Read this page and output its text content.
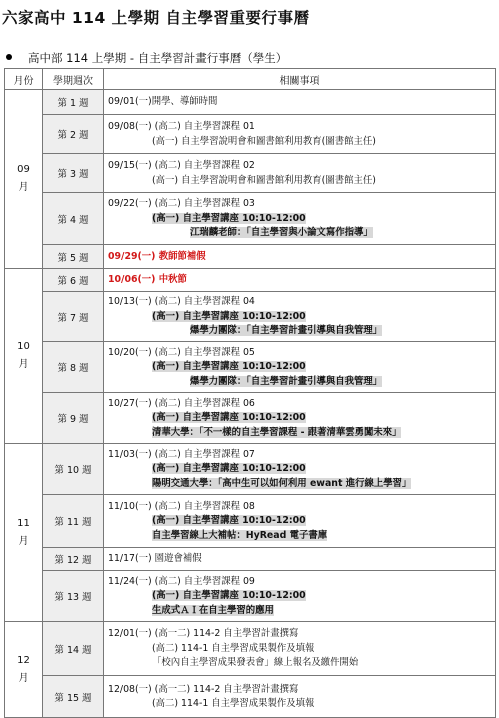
六家高中 114 上學期 自主學習重要行事曆
高中部 114 上學期 - 自主學習計畫行事曆（學生）
月份	學期週次	相關事項
09 月	第 1 週	09/01(一)開學、導師時間

	第 2 週	09/08(一) (高二) 自主學習課程 01
(高一) 自主學習說明會和圖書館利用教育(圖書館主任)

	第 3 週	09/15(一) (高二) 自主學習課程 02
(高一) 自主學習說明會和圖書館利用教育(圖書館主任)

	第 4 週	09/22(一) (高二) 自主學習課程 03
(高一) 自主學習講座 10:10-12:00
江瑞麟老師：「自主學習與小論文寫作指導」

	第 5 週	09/29(一) 教師節補假

10 月	第 6 週	10/06(一) 中秋節

	第 7 週	10/13(一) (高二) 自主學習課程 04
(高一) 自主學習講座 10:10-12:00
爆學力團隊：「自主學習計畫引導與自我管理」

	第 8 週	10/20(一) (高二) 自主學習課程 05
(高一) 自主學習講座 10:10-12:00
爆學力團隊：「自主學習計畫引導與自我管理」

	第 9 週	10/27(一) (高二) 自主學習課程 06
(高一) 自主學習講座 10:10-12:00
清華大學：「不一樣的自主學習課程 - 跟著清華雲勇闖未來」

11 月	第 10 週	11/03(一) (高二) 自主學習課程 07
(高一) 自主學習講座 10:10-12:00
陽明交通大學：「高中生可以如何利用 ewant 進行線上學習」

	第 11 週	11/10(一) (高二) 自主學習課程 08
(高一) 自主學習講座 10:10-12:00
自主學習線上大補帖：HyRead 電子書庫

	第 12 週	11/17(一) 園遊會補假

	第 13 週	11/24(一) (高二) 自主學習課程 09
(高一) 自主學習講座 10:10-12:00
生成式ＡＩ在自主學習的應用

12 月	第 14 週	12/01(一) (高一二) 114-2 自主學習計畫撰寫
(高二) 114-1 自主學習成果製作及填報
「校內自主學習成果發表會」線上報名及繳件開始

	第 15 週	12/08(一) (高一二) 114-2 自主學習計畫撰寫
(高二) 114-1 自主學習成果製作及填報
